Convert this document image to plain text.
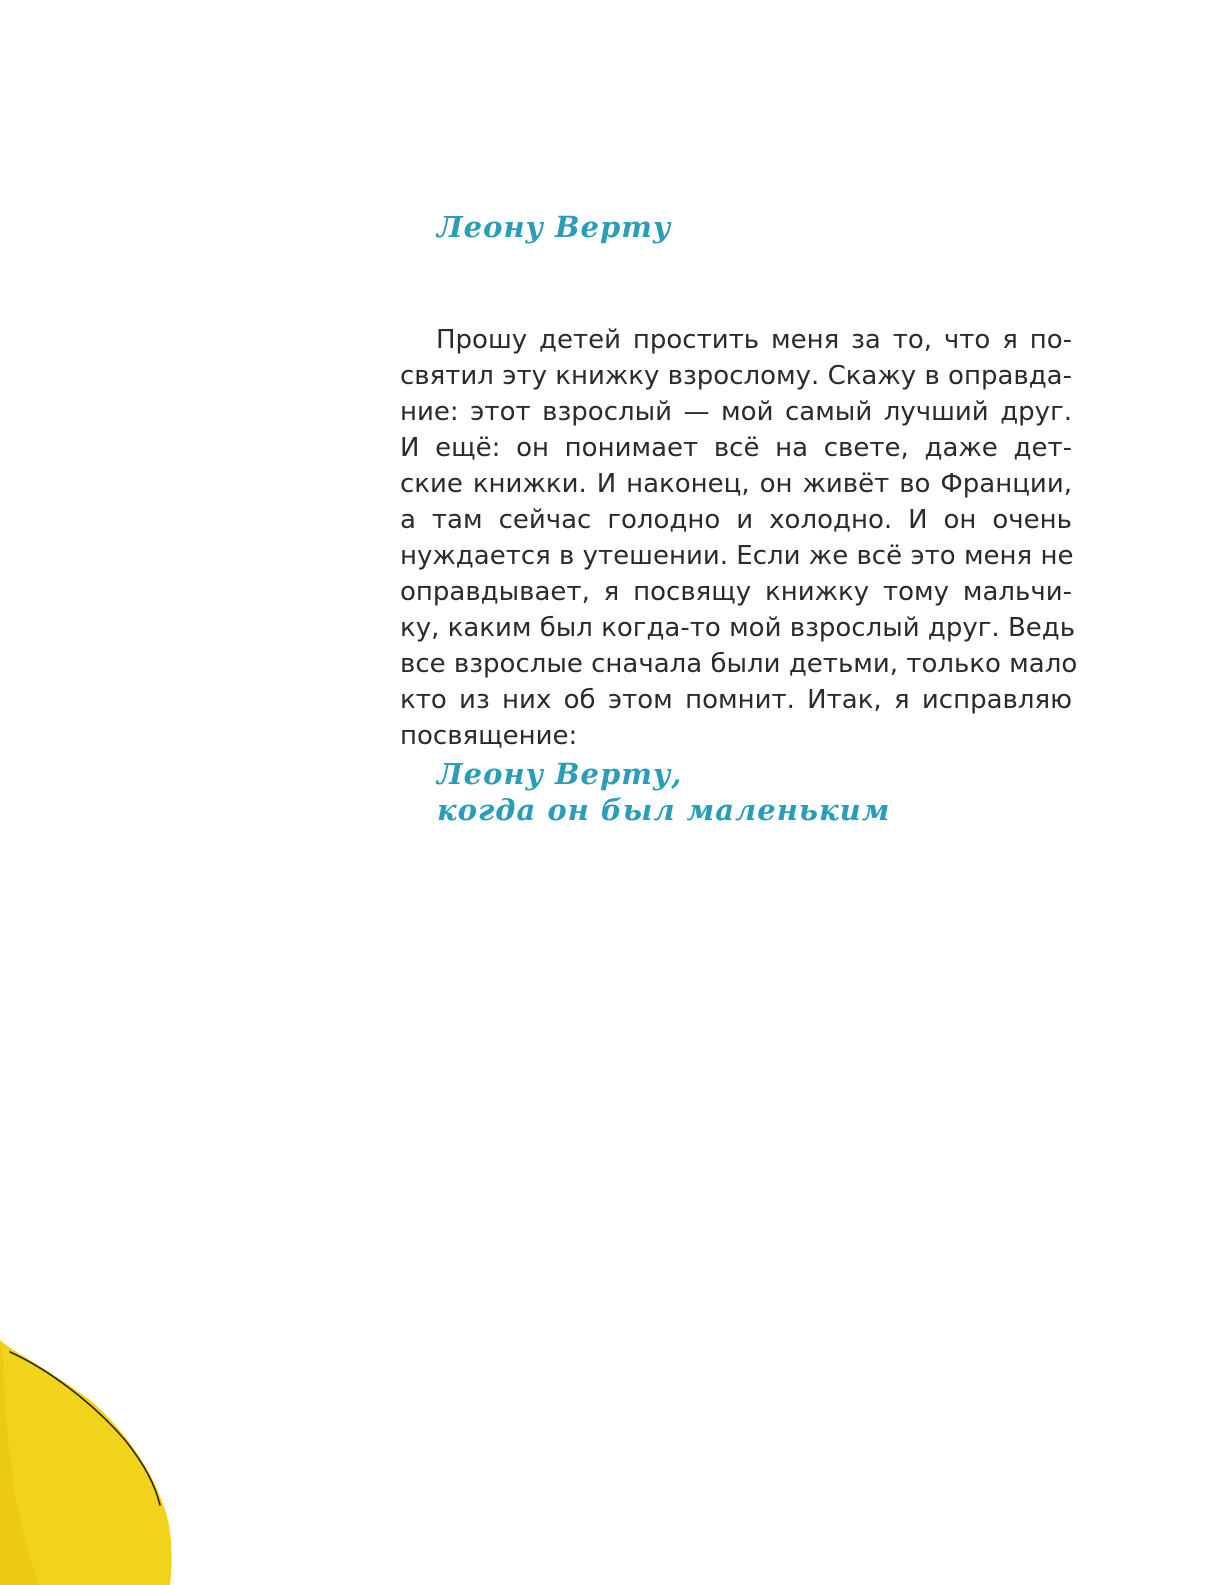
Леону Верту
Прошу детей простить меня за то, что я по-
святил эту книжку взрослому. Скажу в оправда-
ние: этот взрослый — мой самый лучший друг.
И ещё: он понимает всё на свете, даже дет-
ские книжки. И наконец, он живёт во Франции,
а там сейчас голодно и холодно. И он очень
нуждается в утешении. Если же всё это меня не
оправдывает, я посвящу книжку тому мальчи-
ку, каким был когда-то мой взрослый друг. Ведь
все взрослые сначала были детьми, только мало
кто из них об этом помнит. Итак, я исправляю
посвящение:
Леону Верту,
когда он был маленьким
